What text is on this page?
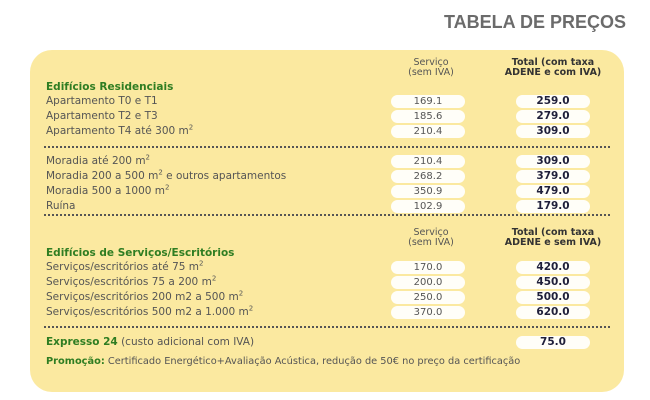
TABELA DE PREÇOS
Serviço
(sem IVA)
Total (com taxa
ADENE e com IVA)
Edifícios Residenciais
Apartamento T0 e T1	169.1	259.0
Apartamento T2 e T3	185.6	279.0
Apartamento T4 até 300 $m^2$	210.4	309.0
Moradia até 200 $m^2$	210.4	309.0
Moradia 200 a 500 $m^2$ e outros apartamentos	268.2	379.0
Moradia 500 a 1000 $m^2$	350.9	479.0
Ruína	102.9	179.0
Serviço
(sem IVA)
Total (com taxa
ADENE e sem IVA)
Edifícios de Serviços/Escritórios
Serviços/escritórios até 75 $m^2$	170.0	420.0
Serviços/escritórios 75 a 200 $m^2$	200.0	450.0
Serviços/escritórios 200 m2 a 500 $m^2$	250.0	500.0
Serviços/escritórios 500 m2 a 1.000 $m^2$	370.0	620.0
Expresso 24 (custo adicional com IVA)	75.0
Promoção: Certificado Energético+Avaliação Acústica, redução de 50€ no preço da certificação
